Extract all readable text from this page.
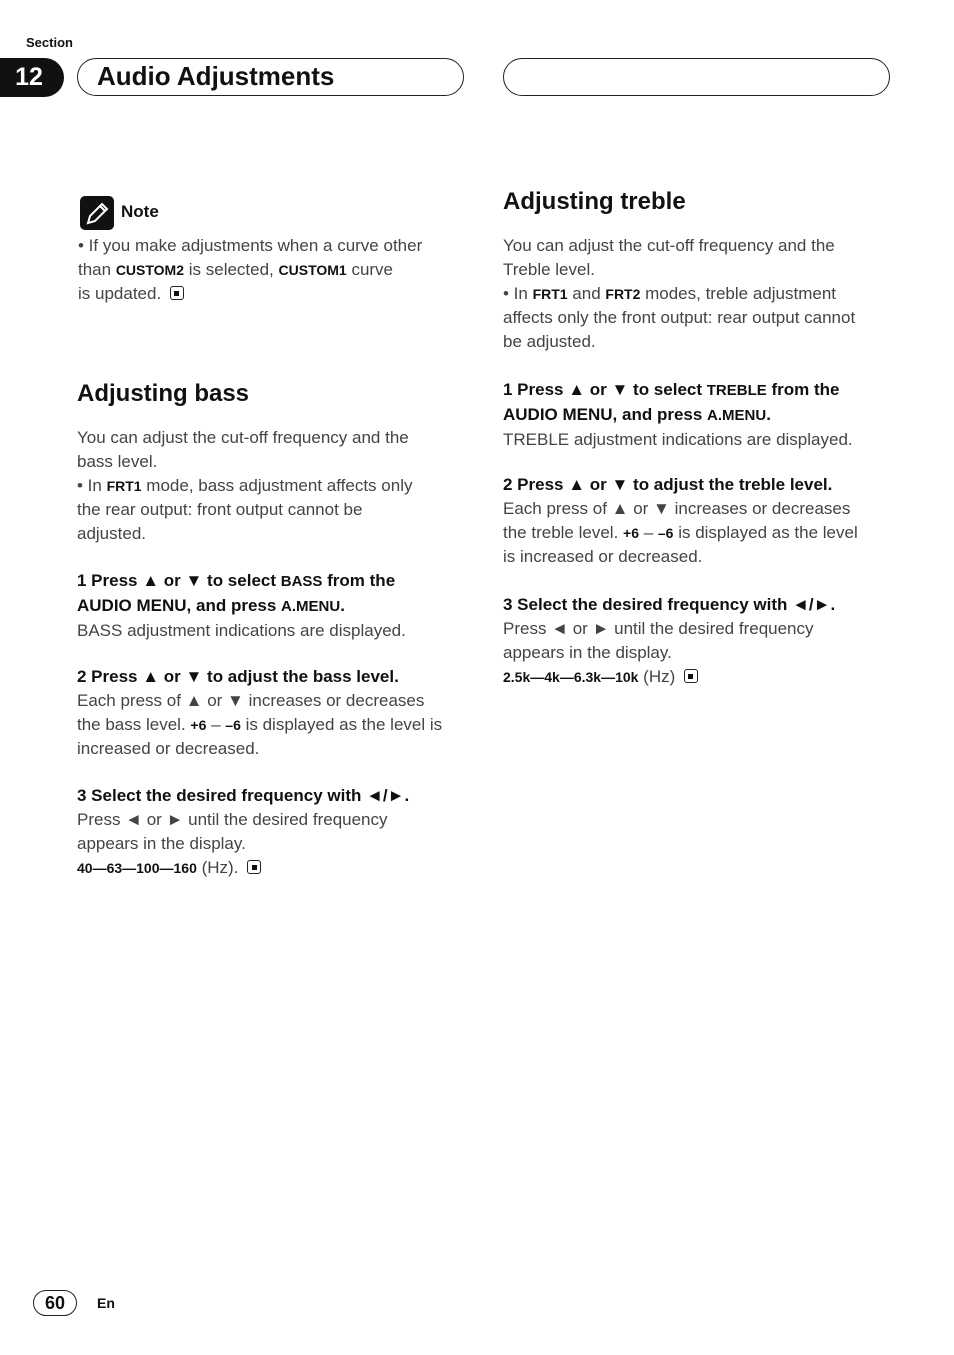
Section
12	Audio Adjustments
Note
• If you make adjustments when a curve other
than CUSTOM2 is selected, CUSTOM1 curve
is updated.
Adjusting bass
You can adjust the cut-off frequency and the
bass level.
• In FRT1 mode, bass adjustment affects only
the rear output: front output cannot be
adjusted.
1 Press ▲ or ▼ to select BASS from the
AUDIO MENU, and press A.MENU.
BASS adjustment indications are displayed.
2 Press ▲ or ▼ to adjust the bass level.
Each press of ▲ or ▼ increases or decreases
the bass level. +6 – –6 is displayed as the level is
increased or decreased.
3 Select the desired frequency with ◄/►.
Press ◄ or ► until the desired frequency
appears in the display.
40—63—100—160 (Hz).
Adjusting treble
You can adjust the cut-off frequency and the
Treble level.
• In FRT1 and FRT2 modes, treble adjustment
affects only the front output: rear output cannot
be adjusted.
1 Press ▲ or ▼ to select TREBLE from the
AUDIO MENU, and press A.MENU.
TREBLE adjustment indications are displayed.
2 Press ▲ or ▼ to adjust the treble level.
Each press of ▲ or ▼ increases or decreases
the treble level. +6 – –6 is displayed as the level
is increased or decreased.
3 Select the desired frequency with ◄/►.
Press ◄ or ► until the desired frequency
appears in the display.
2.5k—4k—6.3k—10k (Hz)
60	En
